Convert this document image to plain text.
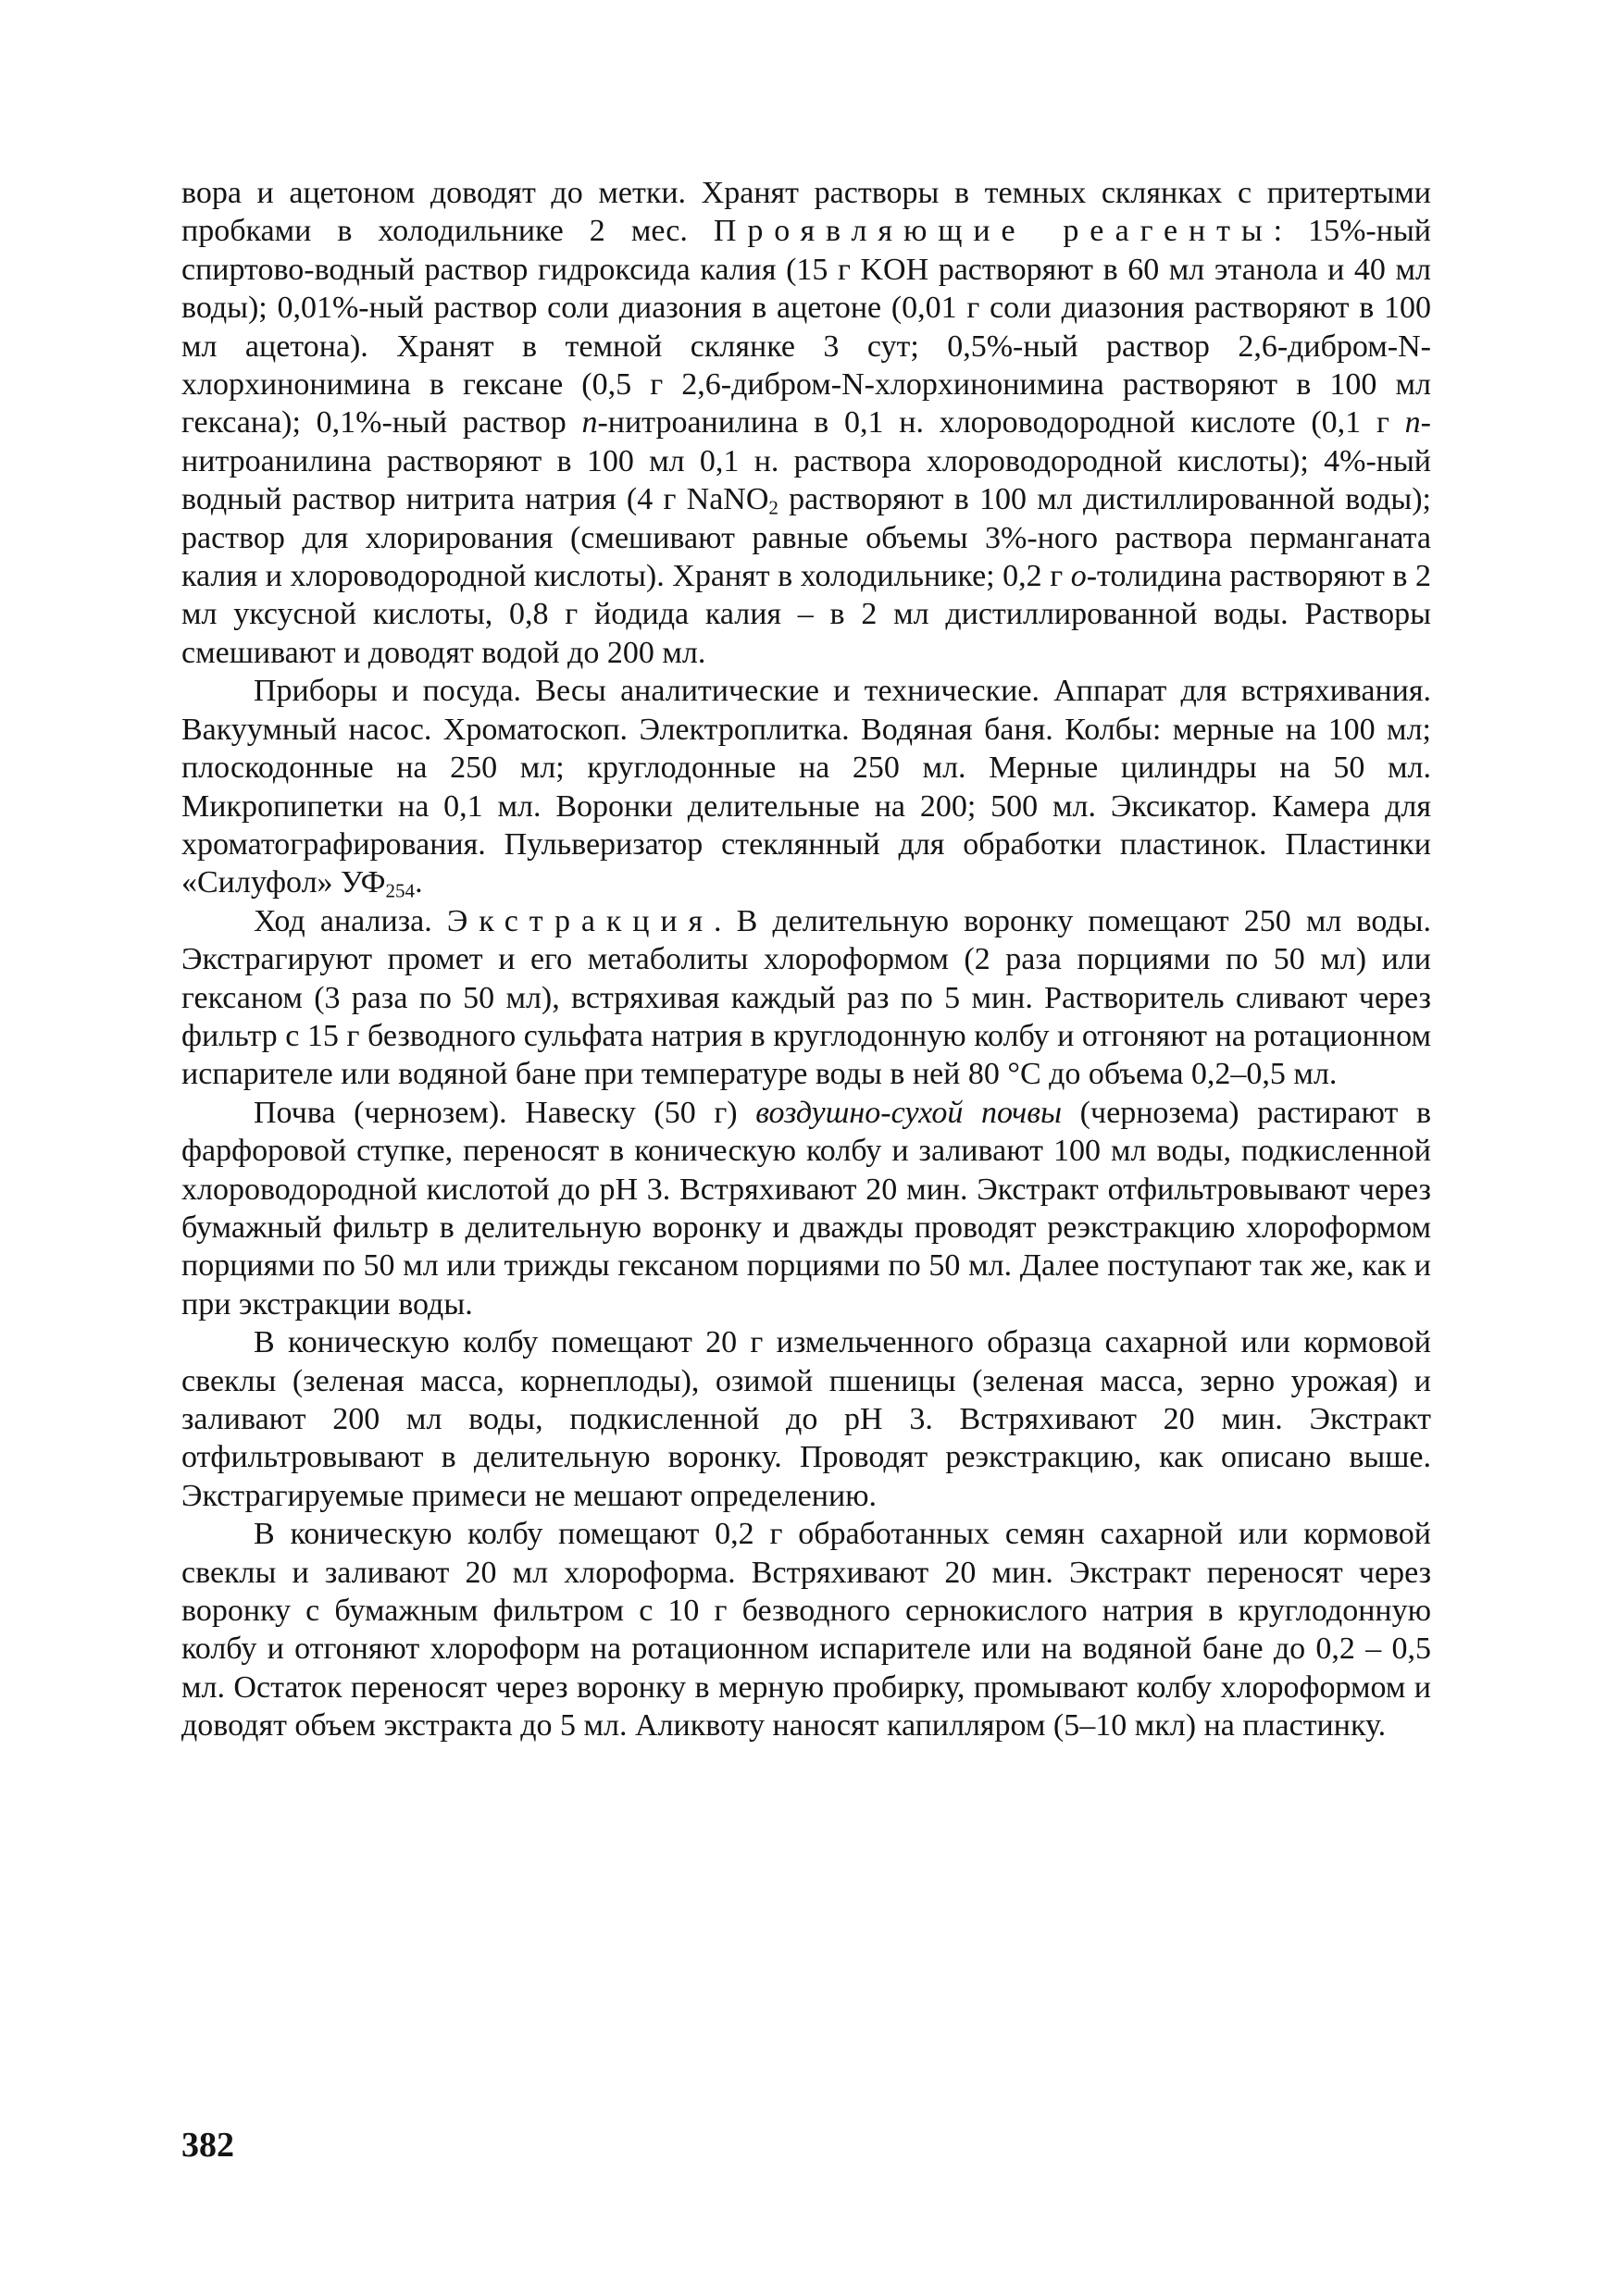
вора и ацетоном доводят до метки. Хранят растворы в темных склянках с притертыми пробками в холодильнике 2 мес. Проявляющие реагенты: 15%-ный спиртово-водный раствор гидроксида калия (15 г KOH растворяют в 60 мл этанола и 40 мл воды); 0,01%-ный раствор соли диазония в ацетоне (0,01 г соли диазония растворяют в 100 мл ацетона). Хранят в темной склянке 3 сут; 0,5%-ный раствор 2,6-дибром-N-хлорхинонимина в гексане (0,5 г 2,6-дибром-N-хлорхинонимина растворяют в 100 мл гексана); 0,1%-ный раствор п-нитроанилина в 0,1 н. хлороводородной кислоте (0,1 г п-нитроанилина растворяют в 100 мл 0,1 н. раствора хлороводородной кислоты); 4%-ный водный раствор нитрита натрия (4 г NaNO$_2$ растворяют в 100 мл дистиллированной воды); раствор для хлорирования (смешивают равные объемы 3%-ного раствора перманганата калия и хлороводородной кислоты). Хранят в холодильнике; 0,2 г о-толидина растворяют в 2 мл уксусной кислоты, 0,8 г йодида калия – в 2 мл дистиллированной воды. Растворы смешивают и доводят водой до 200 мл.

Приборы и посуда. Весы аналитические и технические. Аппарат для встряхивания. Вакуумный насос. Хроматоскоп. Электроплитка. Водяная баня. Колбы: мерные на 100 мл; плоскодонные на 250 мл; круглодонные на 250 мл. Мерные цилиндры на 50 мл. Микропипетки на 0,1 мл. Воронки делительные на 200; 500 мл. Эксикатор. Камера для хроматографирования. Пульверизатор стеклянный для обработки пластинок. Пластинки «Силуфол» $УФ_{254}$.

Ход анализа. Экстракция. В делительную воронку помещают 250 мл воды. Экстрагируют промет и его метаболиты хлороформом (2 раза порциями по 50 мл) или гексаном (3 раза по 50 мл), встряхивая каждый раз по 5 мин. Растворитель сливают через фильтр с 15 г безводного сульфата натрия в круглодонную колбу и отгоняют на ротационном испарителе или водяной бане при температуре воды в ней 80 °С до объема 0,2–0,5 мл.

Почва (чернозем). Навеску (50 г) воздушно-сухой почвы (чернозема) растирают в фарфоровой ступке, переносят в коническую колбу и заливают 100 мл воды, подкисленной хлороводородной кислотой до pH 3. Встряхивают 20 мин. Экстракт отфильтровывают через бумажный фильтр в делительную воронку и дважды проводят реэкстракцию хлороформом порциями по 50 мл или трижды гексаном порциями по 50 мл. Далее поступают так же, как и при экстракции воды.

В коническую колбу помещают 20 г измельченного образца сахарной или кормовой свеклы (зеленая масса, корнеплоды), озимой пшеницы (зеленая масса, зерно урожая) и заливают 200 мл воды, подкисленной до pH 3. Встряхивают 20 мин. Экстракт отфильтровывают в делительную воронку. Проводят реэкстракцию, как описано выше. Экстрагируемые примеси не мешают определению.

В коническую колбу помещают 0,2 г обработанных семян сахарной или кормовой свеклы и заливают 20 мл хлороформа. Встряхивают 20 мин. Экстракт переносят через воронку с бумажным фильтром с 10 г безводного сернокислого натрия в круглодонную колбу и отгоняют хлороформ на ротационном испарителе или на водяной бане до 0,2 – 0,5 мл. Остаток переносят через воронку в мерную пробирку, промывают колбу хлороформом и доводят объем экстракта до 5 мл. Аликвоту наносят капилляром (5–10 мкл) на пластинку.

382
